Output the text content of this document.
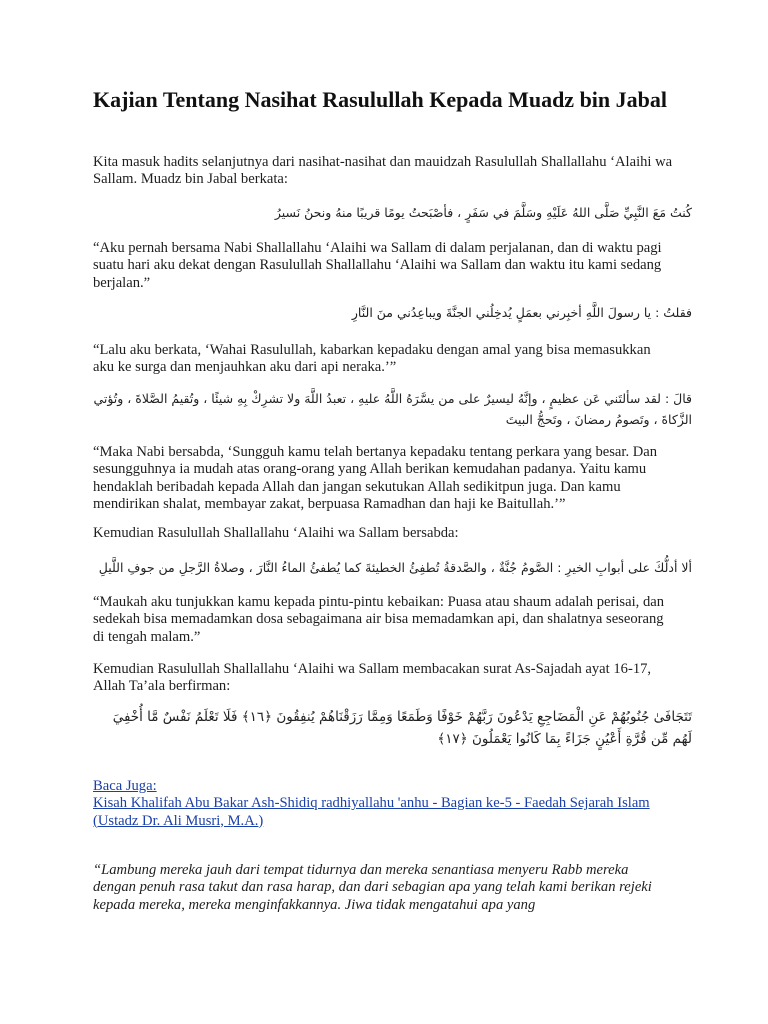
Kajian Tentang Nasihat Rasulullah Kepada Muadz bin Jabal

Kita masuk hadits selanjutnya dari nasihat-nasihat dan mauidzah Rasulullah Shallallahu ‘Alaihi wa Sallam. Muadz bin Jabal berkata:

كُنتُ مَعَ النَّبِيِّ صَلَّى اللهُ عَلَيْهِ وسَلَّمَ في سَفَرٍ ، فأصْبَحتُ يومًا قريبًا منهُ ونحنُ نَسيرُ

“Aku pernah bersama Nabi Shallallahu ‘Alaihi wa Sallam di dalam perjalanan, dan di waktu pagi suatu hari aku dekat dengan Rasulullah Shallallahu ‘Alaihi wa Sallam dan waktu itu kami sedang berjalan.”

فقلتُ : يا رسولَ اللَّهِ أخبِرني بعمَلٍ يُدخِلُني الجنَّةَ ويباعِدُني منَ النَّارِ

“Lalu aku berkata, ‘Wahai Rasulullah, kabarkan kepadaku dengan amal yang bisa memasukkan aku ke surga dan menjauhkan aku dari api neraka.’”

قالَ : لقد سألتَني عَن عظيمٍ ، وإنَّهُ ليسيرٌ على من يسَّرَهُ اللَّهُ عليهِ ، تعبدُ اللَّهَ ولا تشرِكْ بِهِ شيئًا ، وتُقيمُ الصَّلاةَ ، وتُؤتي الزَّكاةَ ، وتَصومُ رمضانَ ، وتَحجُّ البيتَ

“Maka Nabi bersabda, ‘Sungguh kamu telah bertanya kepadaku tentang perkara yang besar. Dan sesungguhnya ia mudah atas orang-orang yang Allah berikan kemudahan padanya. Yaitu kamu hendaklah beribadah kepada Allah dan jangan sekutukan Allah sedikitpun juga. Dan kamu mendirikan shalat, membayar zakat, berpuasa Ramadhan dan haji ke Baitullah.’”

Kemudian Rasulullah Shallallahu ‘Alaihi wa Sallam bersabda:

ألا أدلُّكَ على أبوابِ الخيرِ : الصَّومُ جُنَّةٌ ، والصَّدقةُ تُطفِئُ الخطيئةَ كما يُطفئُ الماءُ النَّارَ ، وصلاةُ الرَّجلِ من جوفِ اللَّيلِ

“Maukah aku tunjukkan kamu kepada pintu-pintu kebaikan: Puasa atau shaum adalah perisai, dan sedekah bisa memadamkan dosa sebagaimana air bisa memadamkan api, dan shalatnya seseorang di tengah malam.”

Kemudian Rasulullah Shallallahu ‘Alaihi wa Sallam membacakan surat As-Sajadah ayat 16-17, Allah Ta’ala berfirman:

تَتَجَافَىٰ جُنُوبُهُمْ عَنِ الْمَضَاجِعِ يَدْعُونَ رَبَّهُمْ خَوْفًا وَطَمَعًا وَمِمَّا رَزَقْنَاهُمْ يُنفِقُونَ ﴿١٦﴾ فَلَا تَعْلَمُ نَفْسٌ مَّا أُخْفِيَ لَهُم مِّن قُرَّةِ أَعْيُنٍ جَزَاءً بِمَا كَانُوا يَعْمَلُونَ ﴿١٧﴾

Baca Juga:
Kisah Khalifah Abu Bakar Ash-Shidiq radhiyallahu 'anhu - Bagian ke-5 - Faedah Sejarah Islam (Ustadz Dr. Ali Musri, M.A.)

“Lambung mereka jauh dari tempat tidurnya dan mereka senantiasa menyeru Rabb mereka dengan penuh rasa takut dan rasa harap, dan dari sebagian apa yang telah kami berikan rejeki kepada mereka, mereka menginfakkannya. Jiwa tidak mengatahui apa yang
